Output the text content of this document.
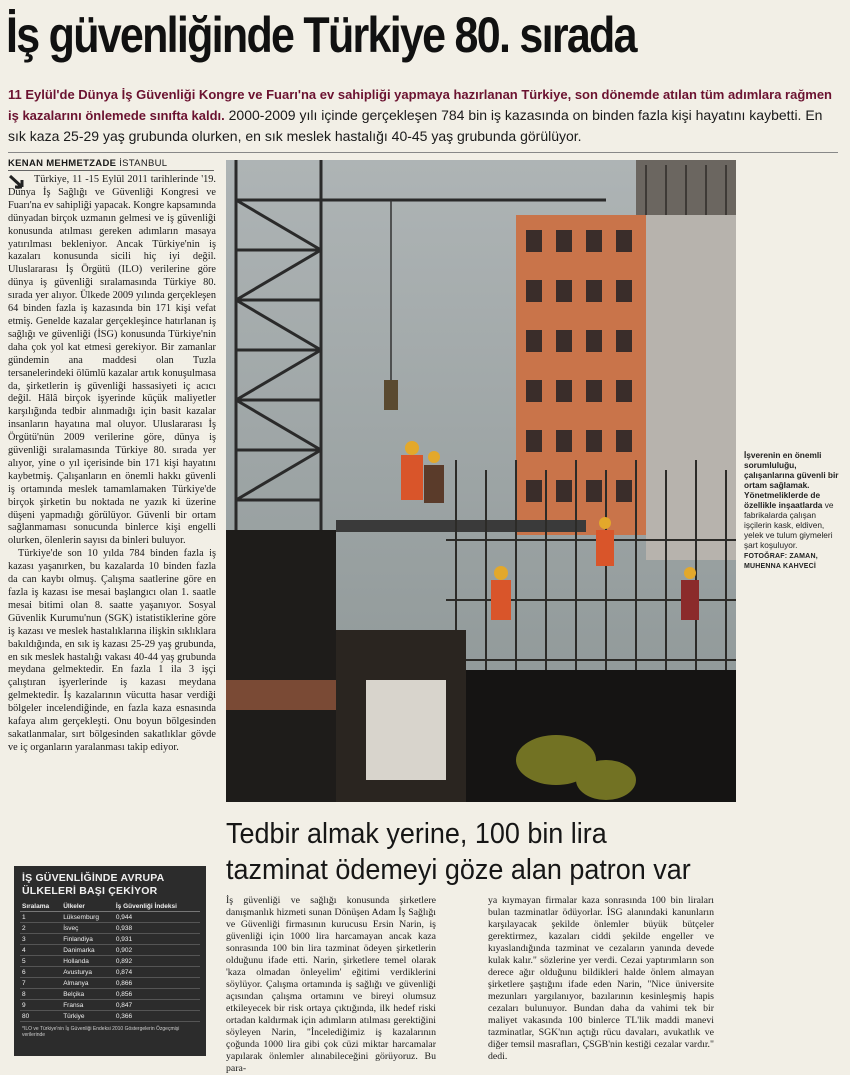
İş güvenliğinde Türkiye 80. sırada
11 Eylül'de Dünya İş Güvenliği Kongre ve Fuarı'na ev sahipliği yapmaya hazırlanan Türkiye, son dönemde atılan tüm adımlara rağmen iş kazalarını önlemede sınıfta kaldı. 2000-2009 yılı içinde gerçekleşen 784 bin iş kazasında on binden fazla kişi hayatını kaybetti. En sık kaza 25-29 yaş grubunda olurken, en sık meslek hastalığı 40-45 yaş grubunda görülüyor.
KENAN MEHMETZADE İSTANBUL

Türkiye, 11 -15 Eylül 2011 tarihlerinde '19. Dünya İş Sağlığı ve Güvenliği Kongresi ve Fuarı'na ev sahipliği yapacak. Kongre kapsamında dünyadan birçok uzmanın gelmesi ve iş güvenliği konusunda atılması gereken adımların masaya yatırılması bekleniyor. Ancak Türkiye'nin iş kazaları konusunda sicili hiç iyi değil. Uluslararası İş Örgütü (ILO) verilerine göre dünya iş güvenliği sıralamasında Türkiye 80. sırada yer alıyor. Ülkede 2009 yılında gerçekleşen 64 binden fazla iş kazasında bin 171 kişi vefat etmiş. Genelde kazalar gerçekleşince hatırlanan iş sağlığı ve güvenliği (İSG) konusunda Türkiye'nin daha çok yol kat etmesi gerekiyor. Bir zamanlar gündemin ana maddesi olan Tuzla tersanelerindeki ölümlü kazalar artık konuşulmasa da, şirketlerin iş güvenliği hassasiyeti iç acıcı değil. Hâlâ birçok işyerinde küçük maliyetler karşılığında tedbir alınmadığı için basit kazalar insanların hayatına mal oluyor. Uluslararası İş Örgütü'nün 2009 verilerine göre, dünya iş güvenliği sıralamasında Türkiye 80. sırada yer alıyor, yine o yıl içerisinde bin 171 kişi hayatını kaybetmiş. Çalışanların en önemli hakkı güvenli iş ortamında meslek tamamlamaken Türkiye'de birçok şirketin bu noktada ne yazık ki üzerine düşeni yapmadığı görülüyor. Güvenli bir ortam sağlanmaması sonucunda binlerce kişi engelli olurken, ölenlerin sayısı da binleri buluyor.

Türkiye'de son 10 yılda 784 binden fazla iş kazası yaşanırken, bu kazalarda 10 binden fazla da can kaybı olmuş. Çalışma saatlerine göre en fazla iş kazası ise mesai başlangıcı olan 1. saatle mesai bitimi olan 8. saatte yaşanıyor. Sosyal Güvenlik Kurumu'nun (SGK) istatistiklerine göre iş kazası ve meslek hastalıklarına ilişkin sıklıklara bakıldığında, en sık iş kazası 25-29 yaş grubunda, en sık meslek hastalığı vakası 40-44 yaş grubunda meydana gelmektedir. En fazla 1 ila 3 işçi çalıştıran işyerlerinde iş kazası meydana gelmektedir. İş kazalarının vücutta hasar verdiği bölgeler incelendiğinde, en fazla kaza esnasında kafaya alım gerçekleşti. Onu boyun bölgesinden sakatlanmalar, sırt bölgesinden sakatlıklar gövde ve iç organların yaralanması takip ediyor.

İşverenin en önemli sorumluluğu, çalışanlarına güvenli bir ortam sağlamak. Yönetmeliklerde de özellikle inşaatlarda ve fabrikalarda çalışan işçilerin kask, eldiven, yelek ve tulum giymeleri şart koşuluyor.
FOTOĞRAF: ZAMAN, MUHENNA KAHVECİ
Tedbir almak yerine, 100 bin lira
tazminat ödemeyi göze alan patron var
İş güvenliği ve sağlığı konusunda şirketlere danışmanlık hizmeti sunan Dönüşen Adam İş Sağlığı ve Güvenliği firmasının kurucusu Ersin Narin, iş güvenliği için 1000 lira harcamayan ancak kaza sonrasında 100 bin lira tazminat ödeyen şirketlerin olduğunu ifade etti. Narin, şirketlere temel olarak 'kaza olmadan önleyelim' eğitimi verdiklerini söylüyor. Çalışma ortamında iş sağlığı ve güvenliği açısından çalışma ortamını ve bireyi olumsuz etkileyecek bir risk ortaya çıktığında, ilk hedef riski ortadan kaldırmak için adımların atılması gerektiğini söyleyen Narin, "İncelediğimiz iş kazalarının çoğunda 1000 lira gibi çok cüzi miktar harcamalar yapılarak önlemler alınabileceğini görüyoruz. Bu para-
ya kıymayan firmalar kaza sonrasında 100 bin liraları bulan tazminatlar ödüyorlar. İSG alanındaki kanunların karşılayacak şekilde önlemler büyük bütçeler gerektirmez, kazaları ciddi şekilde engeller ve kıyaslandığında tazminat ve cezaların yanında devede kulak kalır." sözlerine yer verdi. Cezai yaptırımların son derece ağır olduğunu bildikleri halde önlem almayan şirketlere şaştığını ifade eden Narin, "Nice üniversite mezunları yargılanıyor, bazılarının kesinleşmiş hapis cezaları bulunuyor. Bundan daha da vahimi tek bir maliyet vakasında 100 binlerce TL'lik maddi manevi tazminatlar, SGK'nın açtığı rücu davaları, avukatlık ve diğer temsil masrafları, ÇSGB'nin kestiği cezalar vardır." dedi.
İŞ GÜVENLİĞİNDE AVRUPA
ÜLKELERİ BAŞI ÇEKİYOR
Sıralama	Ülkeler	İş Güvenliği İndeksi
1	Lüksemburg	0,944
2	İsveç	0,938
3	Finlandiya	0,931
4	Danimarka	0,902
5	Hollanda	0,892
6	Avusturya	0,874
7	Almanya	0,866
8	Belçika	0,856
9	Fransa	0,847
80	Türkiye	0,366
*ILO ve Türkiye'nin İş Güvenliği Endeksi 2010 Göstergelerin Özgeçmişi verilerinde
